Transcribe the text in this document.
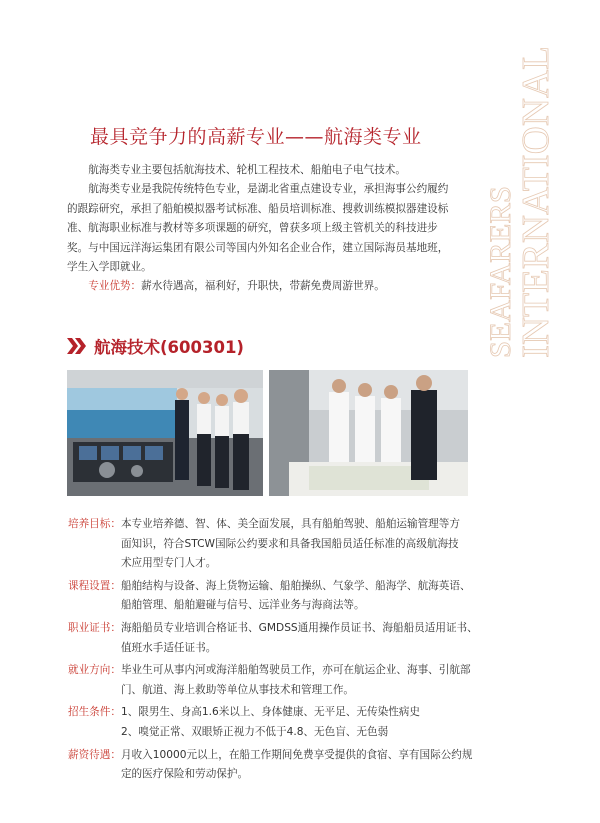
SEAFARERS
INTERNATIONAL
最具竞争力的高薪专业——航海类专业

航海类专业主要包括航海技术、轮机工程技术、船舶电子电气技术。

航海类专业是我院传统特色专业，是湖北省重点建设专业，承担海事公约履约的跟踪研究，承担了船舶模拟器考试标准、船员培训标准、搜救训练模拟器建设标准、航海职业标准与教材等多项课题的研究，曾获多项上级主管机关的科技进步奖。与中国远洋海运集团有限公司等国内外知名企业合作，建立国际海员基地班，学生入学即就业。

专业优势：薪水待遇高，福利好，升职快，带薪免费周游世界。

航海技术(600301)
培养目标： 本专业培养德、智、体、美全面发展，具有船舶驾驶、船舶运输管理等方
面知识，符合STCW国际公约要求和具备我国船员适任标准的高级航海技
术应用型专门人才。
课程设置： 船舶结构与设备、海上货物运输、船舶操纵、气象学、船海学、航海英语、
船舶管理、船舶避碰与信号、远洋业务与海商法等。
职业证书： 海船船员专业培训合格证书、GMDSS通用操作员证书、海船船员适用证书、
值班水手适任证书。
就业方向： 毕业生可从事内河或海洋船舶驾驶员工作，亦可在航运企业、海事、引航部
门、航道、海上救助等单位从事技术和管理工作。
招生条件： 1、限男生、身高1.6米以上、身体健康、无平足、无传染性病史
2、嗅觉正常、双眼矫正视力不低于4.8、无色盲、无色弱
薪资待遇： 月收入10000元以上，在船工作期间免费享受提供的食宿、享有国际公约规
定的医疗保险和劳动保护。
